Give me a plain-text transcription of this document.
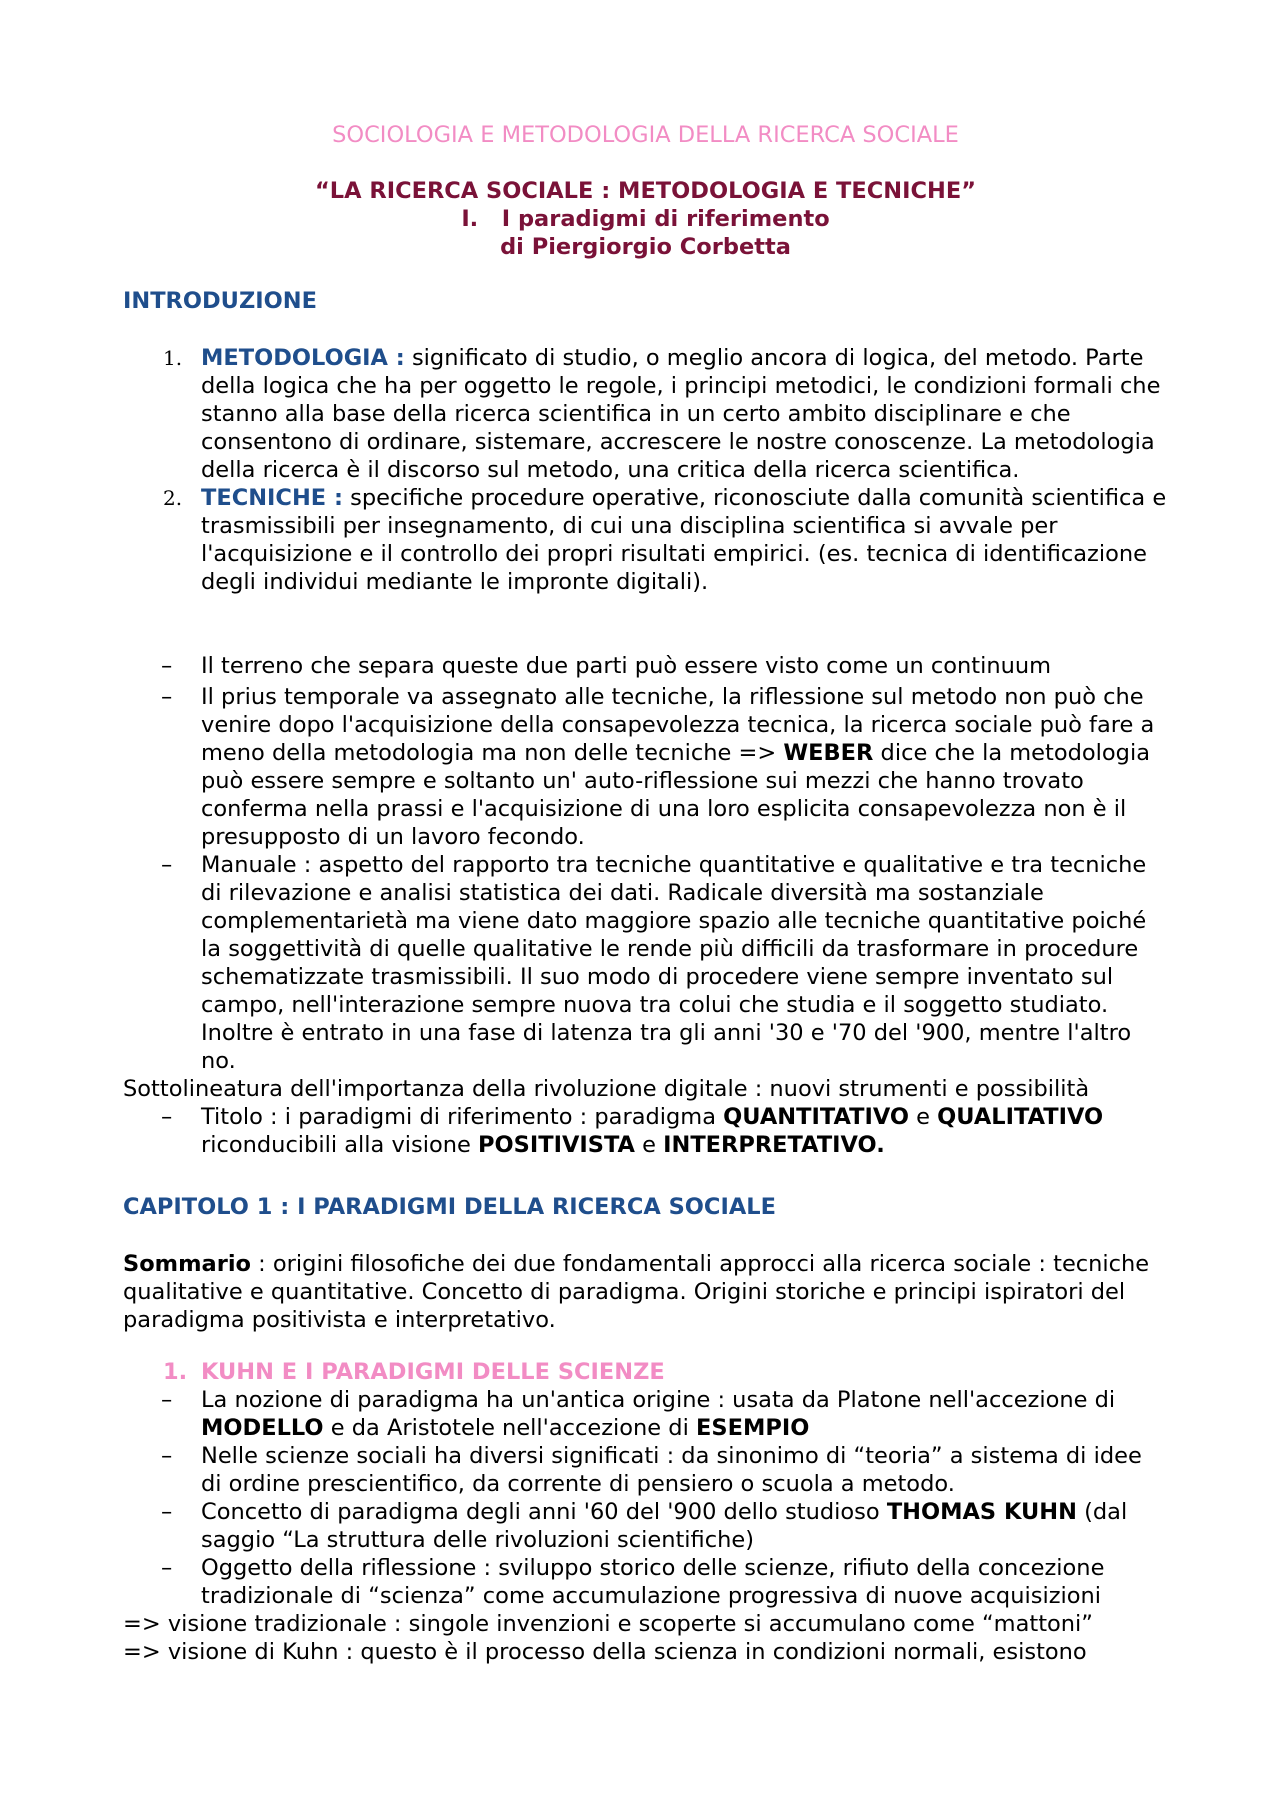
SOCIOLOGIA E METODOLOGIA DELLA RICERCA SOCIALE
“LA RICERCA SOCIALE : METODOLOGIA E TECNICHE”
I. I paradigmi di riferimento
di Piergiorgio Corbetta
INTRODUZIONE
1. METODOLOGIA : significato di studio, o meglio ancora di logica, del metodo. Parte della logica che ha per oggetto le regole, i principi metodici, le condizioni formali che stanno alla base della ricerca scientifica in un certo ambito disciplinare e che consentono di ordinare, sistemare, accrescere le nostre conoscenze. La metodologia della ricerca è il discorso sul metodo, una critica della ricerca scientifica.
2. TECNICHE : specifiche procedure operative, riconosciute dalla comunità scientifica e trasmissibili per insegnamento, di cui una disciplina scientifica si avvale per l'acquisizione e il controllo dei propri risultati empirici. (es. tecnica di identificazione degli individui mediante le impronte digitali).
– Il terreno che separa queste due parti può essere visto come un continuum
– Il prius temporale va assegnato alle tecniche, la riflessione sul metodo non può che venire dopo l'acquisizione della consapevolezza tecnica, la ricerca sociale può fare a meno della metodologia ma non delle tecniche => WEBER dice che la metodologia può essere sempre e soltanto un' auto-riflessione sui mezzi che hanno trovato conferma nella prassi e l'acquisizione di una loro esplicita consapevolezza non è il presupposto di un lavoro fecondo.
– Manuale : aspetto del rapporto tra tecniche quantitative e qualitative e tra tecniche di rilevazione e analisi statistica dei dati. Radicale diversità ma sostanziale complementarietà ma viene dato maggiore spazio alle tecniche quantitative poiché la soggettività di quelle qualitative le rende più difficili da trasformare in procedure schematizzate trasmissibili. Il suo modo di procedere viene sempre inventato sul campo, nell'interazione sempre nuova tra colui che studia e il soggetto studiato. Inoltre è entrato in una fase di latenza tra gli anni '30 e '70 del '900, mentre l'altro no.
Sottolineatura dell'importanza della rivoluzione digitale : nuovi strumenti e possibilità
– Titolo : i paradigmi di riferimento : paradigma QUANTITATIVO e QUALITATIVO riconducibili alla visione POSITIVISTA e INTERPRETATIVO.
CAPITOLO 1 : I PARADIGMI DELLA RICERCA SOCIALE
Sommario : origini filosofiche dei due fondamentali approcci alla ricerca sociale : tecniche qualitative e quantitative. Concetto di paradigma. Origini storiche e principi ispiratori del paradigma positivista e interpretativo.
1. KUHN E I PARADIGMI DELLE SCIENZE
– La nozione di paradigma ha un'antica origine : usata da Platone nell'accezione di MODELLO e da Aristotele nell'accezione di ESEMPIO
– Nelle scienze sociali ha diversi significati : da sinonimo di “teoria” a sistema di idee di ordine prescientifico, da corrente di pensiero o scuola a metodo.
– Concetto di paradigma degli anni '60 del '900 dello studioso THOMAS KUHN (dal saggio “La struttura delle rivoluzioni scientifiche)
– Oggetto della riflessione : sviluppo storico delle scienze, rifiuto della concezione tradizionale di “scienza” come accumulazione progressiva di nuove acquisizioni
=> visione tradizionale : singole invenzioni e scoperte si accumulano come “mattoni”
=> visione di Kuhn : questo è il processo della scienza in condizioni normali, esistono
